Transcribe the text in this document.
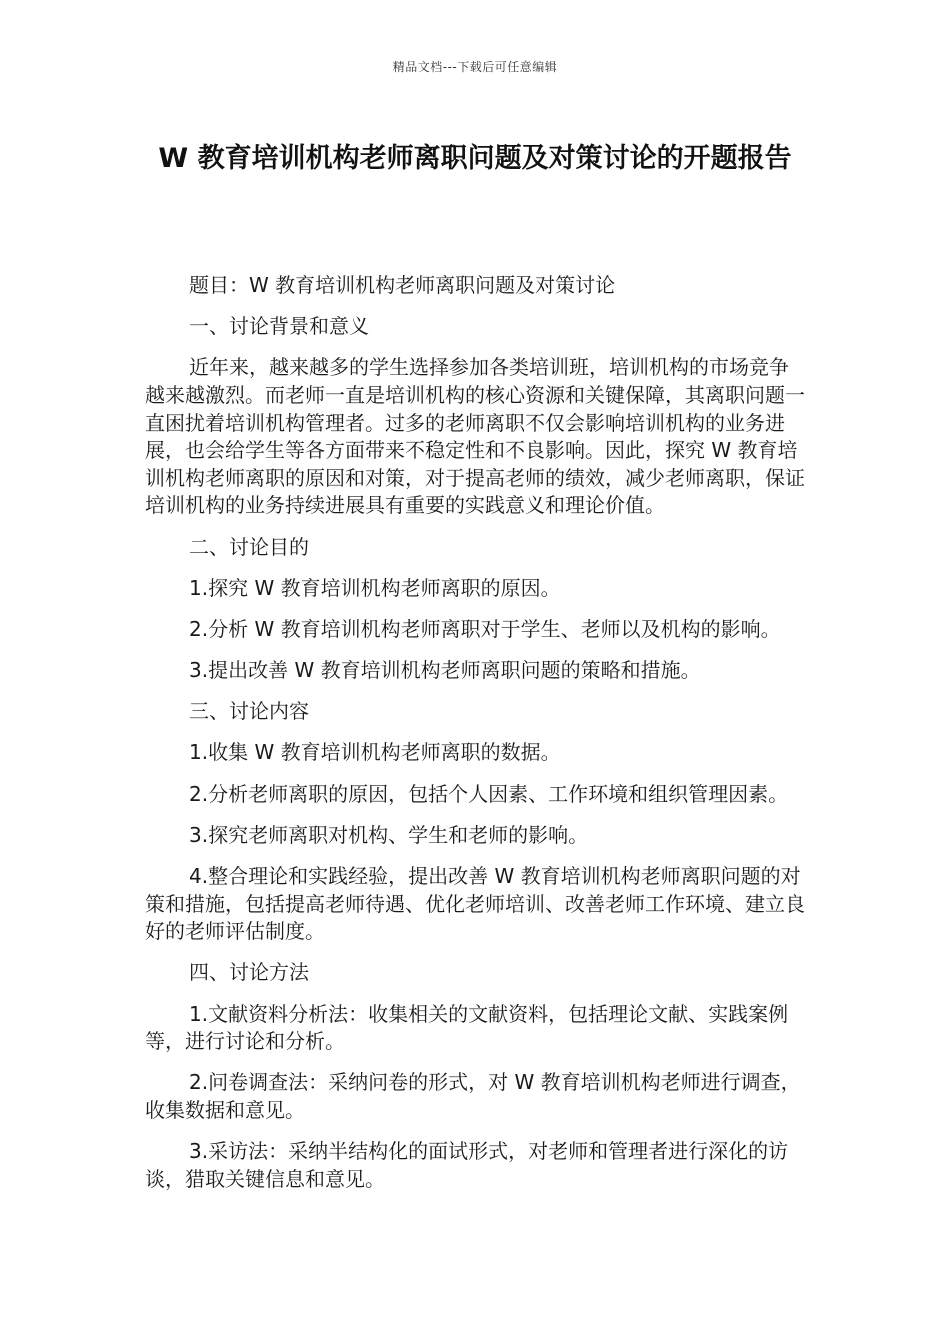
精品文档---下载后可任意编辑
W 教育培训机构老师离职问题及对策讨论的开题报告

题目：W 教育培训机构老师离职问题及对策讨论

一、讨论背景和意义

近年来，越来越多的学生选择参加各类培训班，培训机构的市场竞争越来越激烈。而老师一直是培训机构的核心资源和关键保障，其离职问题一直困扰着培训机构管理者。过多的老师离职不仅会影响培训机构的业务进展，也会给学生等各方面带来不稳定性和不良影响。因此，探究 W 教育培训机构老师离职的原因和对策，对于提高老师的绩效，减少老师离职，保证培训机构的业务持续进展具有重要的实践意义和理论价值。

二、讨论目的

1.探究 W 教育培训机构老师离职的原因。

2.分析 W 教育培训机构老师离职对于学生、老师以及机构的影响。

3.提出改善 W 教育培训机构老师离职问题的策略和措施。

三、讨论内容

1.收集 W 教育培训机构老师离职的数据。

2.分析老师离职的原因，包括个人因素、工作环境和组织管理因素。

3.探究老师离职对机构、学生和老师的影响。

4.整合理论和实践经验，提出改善 W 教育培训机构老师离职问题的对策和措施，包括提高老师待遇、优化老师培训、改善老师工作环境、建立良好的老师评估制度。

四、讨论方法

1.文献资料分析法：收集相关的文献资料，包括理论文献、实践案例等，进行讨论和分析。

2.问卷调查法：采纳问卷的形式，对 W 教育培训机构老师进行调查，收集数据和意见。

3.采访法：采纳半结构化的面试形式，对老师和管理者进行深化的访谈，猎取关键信息和意见。
